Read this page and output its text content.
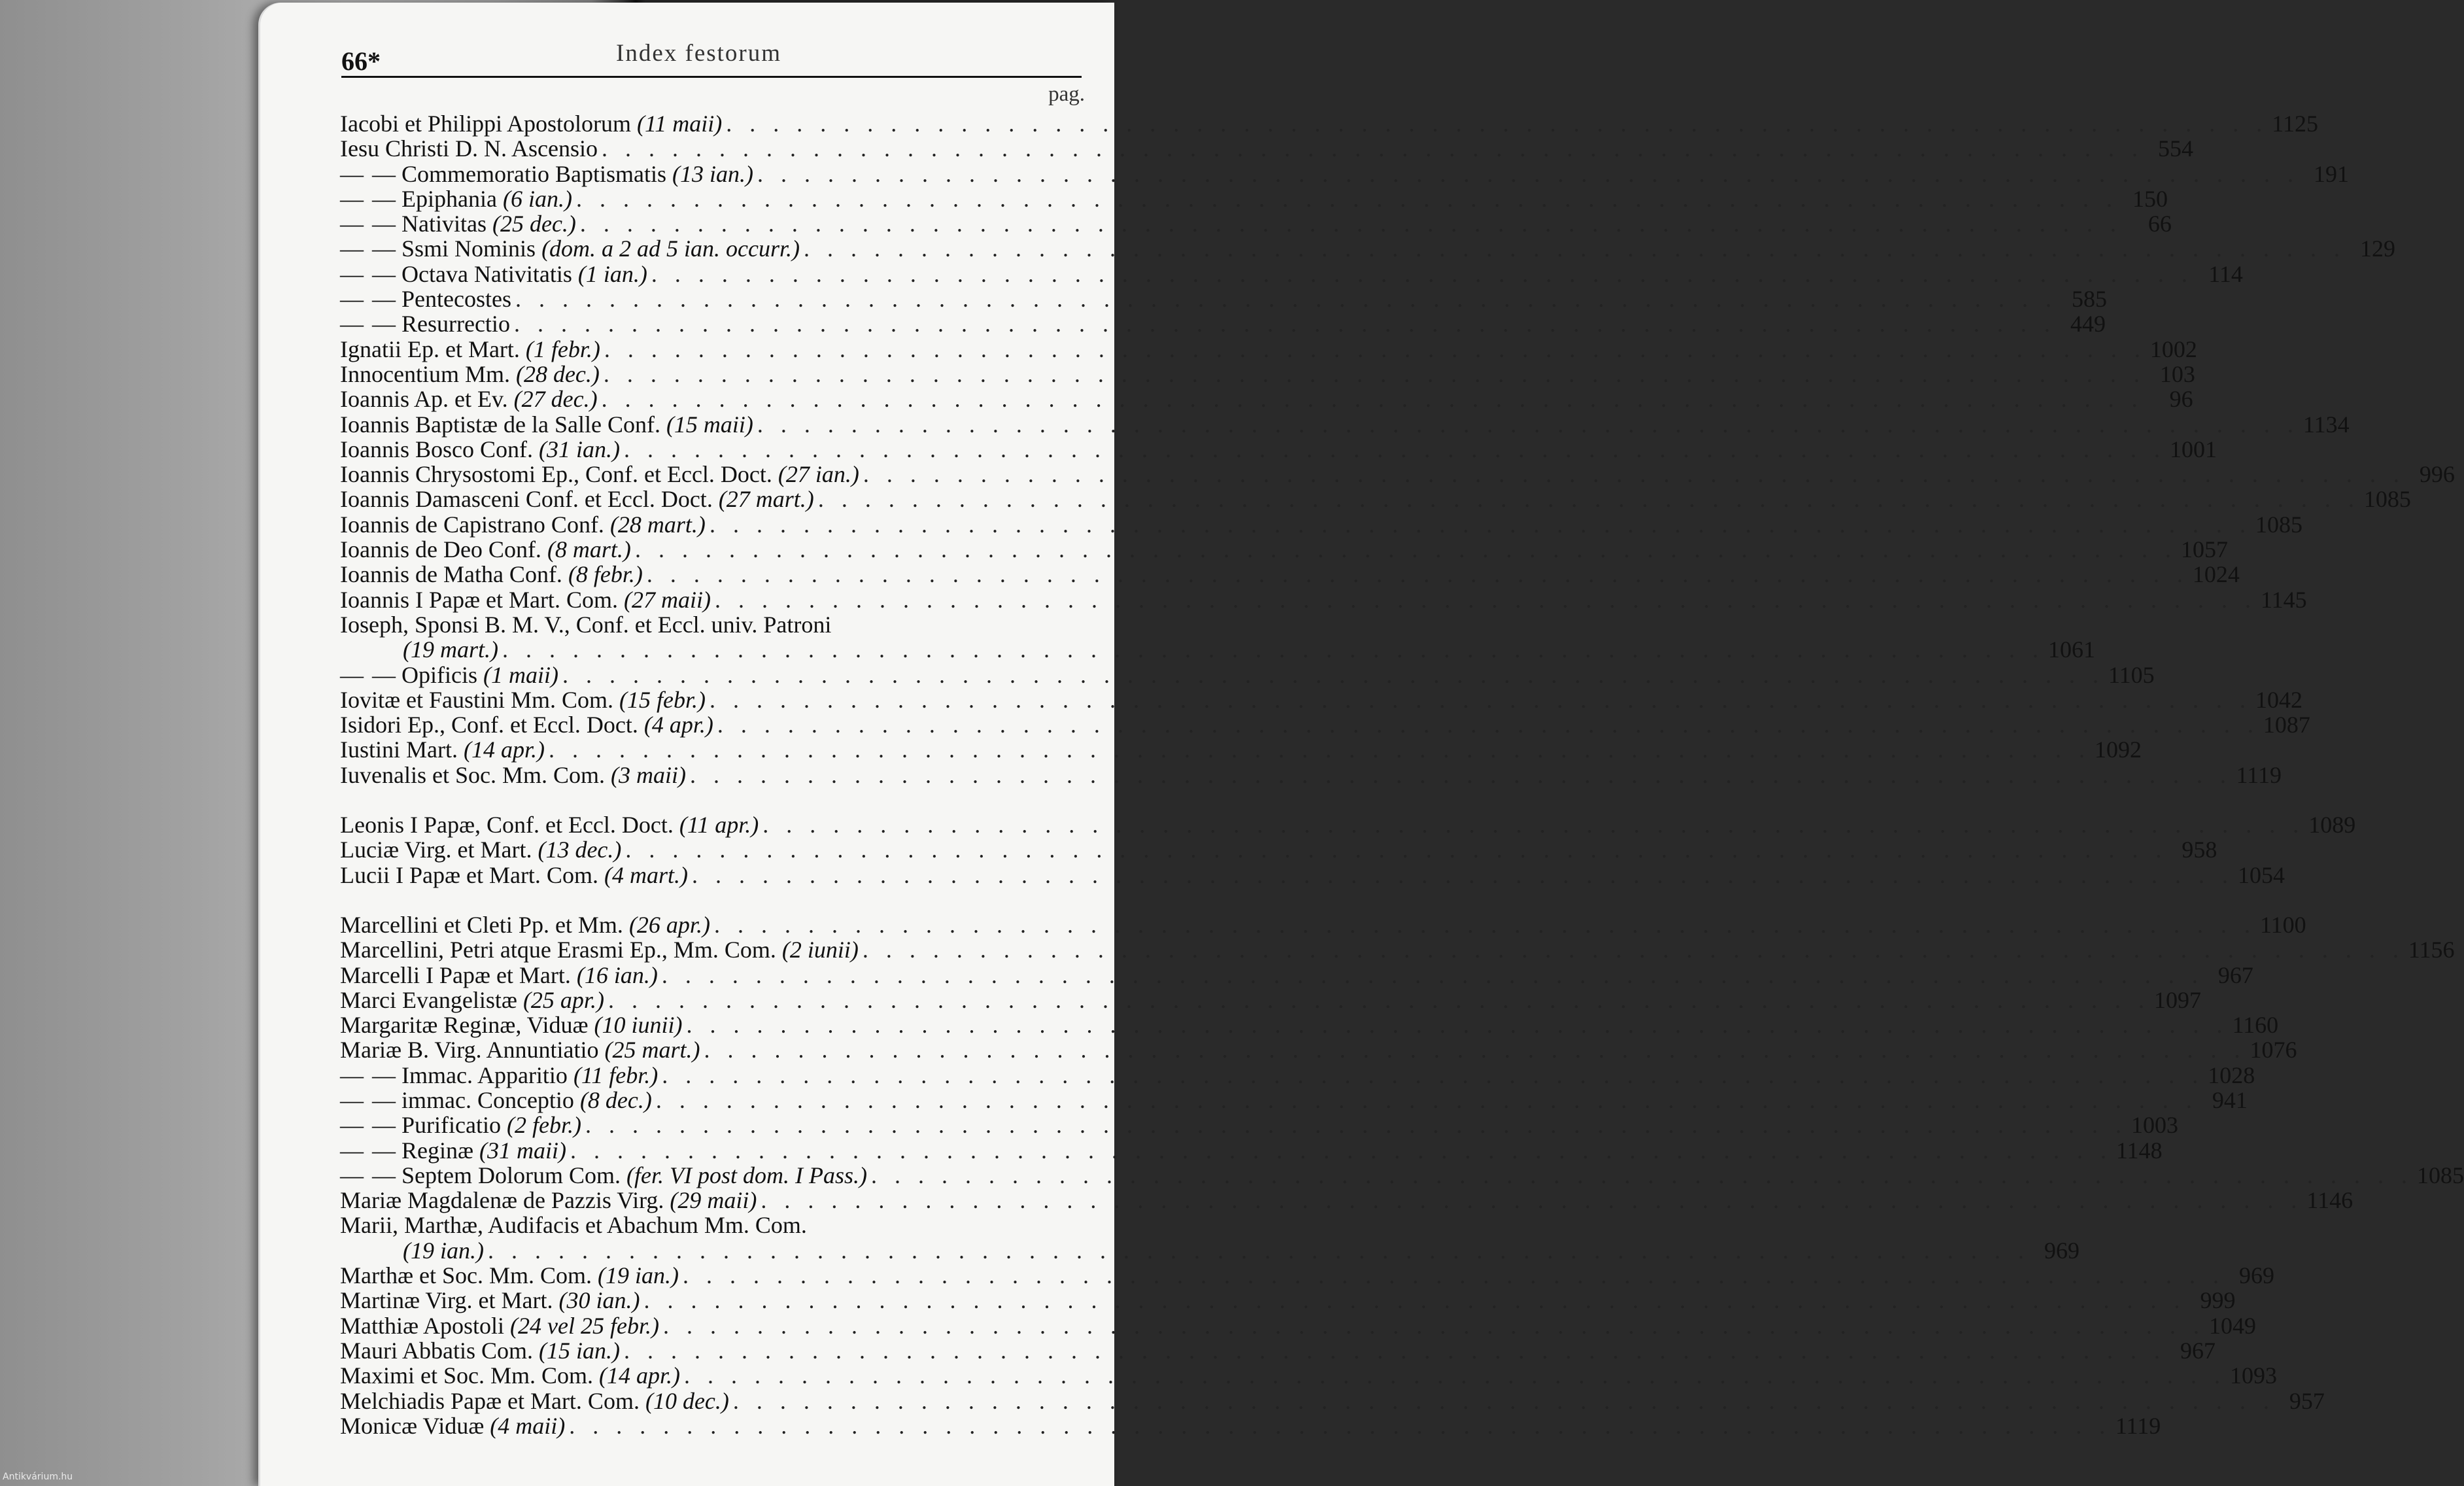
66*	Index festorum
pag.
Iacobi et Philippi Apostolorum (11 maii) . . .	1125
Iesu Christi D. N. Ascensio . . .	554
— — Commemoratio Baptismatis (13 ian.) . . .	191
— — Epiphania (6 ian.) . . .	150
— — Nativitas (25 dec.) . . .	66
— — Ssmi Nominis (dom. a 2 ad 5 ian. occurr.) . . .	129
— — Octava Nativitatis (1 ian.) . . .	114
— — Pentecostes . . .	585
— — Resurrectio . . .	449
Ignatii Ep. et Mart. (1 febr.) . . .	1002
Innocentium Mm. (28 dec.) . . .	103
Ioannis Ap. et Ev. (27 dec.) . . .	96
Ioannis Baptistæ de la Salle Conf. (15 maii) . . .	1134
Ioannis Bosco Conf. (31 ian.) . . .	1001
Ioannis Chrysostomi Ep., Conf. et Eccl. Doct. (27 ian.) . . .	996
Ioannis Damasceni Conf. et Eccl. Doct. (27 mart.) . . .	1085
Ioannis de Capistrano Conf. (28 mart.) . . .	1085
Ioannis de Deo Conf. (8 mart.) . . .	1057
Ioannis de Matha Conf. (8 febr.) . . .	1024
Ioannis I Papæ et Mart. Com. (27 maii) . . .	1145
Ioseph, Sponsi B. M. V., Conf. et Eccl. univ. Patroni
(19 mart.) . . .	1061
— — Opificis (1 maii) . . .	1105
Iovitæ et Faustini Mm. Com. (15 febr.) . . .	1042
Isidori Ep., Conf. et Eccl. Doct. (4 apr.) . . .	1087
Iustini Mart. (14 apr.) . . .	1092
Iuvenalis et Soc. Mm. Com. (3 maii) . . .	1119
Leonis I Papæ, Conf. et Eccl. Doct. (11 apr.) . . .	1089
Luciæ Virg. et Mart. (13 dec.) . . .	958
Lucii I Papæ et Mart. Com. (4 mart.) . . .	1054
Marcellini et Cleti Pp. et Mm. (26 apr.) . . .	1100
Marcellini, Petri atque Erasmi Ep., Mm. Com. (2 iunii) . . .	1156
Marcelli I Papæ et Mart. (16 ian.) . . .	967
Marci Evangelistæ (25 apr.) . . .	1097
Margaritæ Reginæ, Viduæ (10 iunii) . . .	1160
Mariæ B. Virg. Annuntiatio (25 mart.) . . .	1076
— — Immac. Apparitio (11 febr.) . . .	1028
— — immac. Conceptio (8 dec.) . . .	941
— — Purificatio (2 febr.) . . .	1003
— — Reginæ (31 maii) . . .	1148
— — Septem Dolorum Com. (fer. VI post dom. I Pass.) . . .	1085
Mariæ Magdalenæ de Pazzis Virg. (29 maii) . . .	1146
Marii, Marthæ, Audifacis et Abachum Mm. Com.
(19 ian.) . . .	969
Marthæ et Soc. Mm. Com. (19 ian.) . . .	969
Martinæ Virg. et Mart. (30 ian.) . . .	999
Matthiæ Apostoli (24 vel 25 febr.) . . .	1049
Mauri Abbatis Com. (15 ian.) . . .	967
Maximi et Soc. Mm. Com. (14 apr.) . . .	1093
Melchiadis Papæ et Mart. Com. (10 dec.) . . .	957
Monicæ Viduæ (4 maii) . . .	1119
Antikvárium.hu
